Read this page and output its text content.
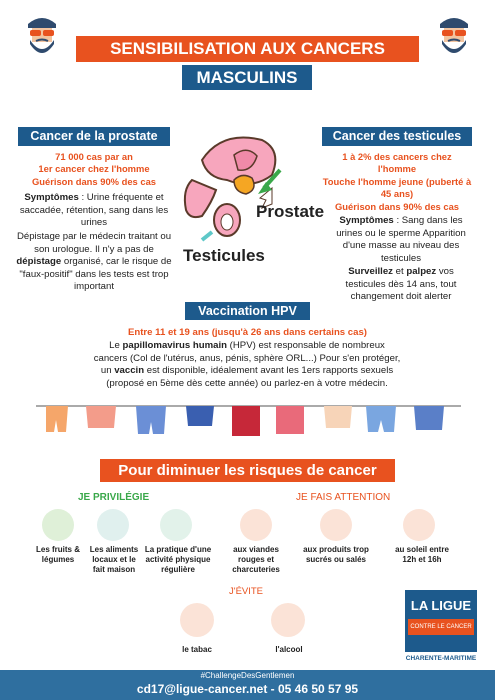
SENSIBILISATION AUX CANCERS
MASCULINS
Cancer de la prostate
71 000 cas par an
1er cancer chez l'homme
Guérison dans 90% des cas
Symptômes : Urine fréquente et saccadée, rétention, sang dans les urines
Dépistage par le médecin traitant ou son urologue. Il n'y a pas de dépistage organisé, car le risque de "faux-positif" dans les tests est trop important
Prostate
Testicules
Cancer des testicules
1 à 2% des cancers chez l'homme
Touche l'homme jeune (puberté à 45 ans)
Guérison dans 90% des cas
Symptômes : Sang dans les urines ou le sperme Apparition d'une masse au niveau des testicules
Surveillez et palpez vos testicules dès 14 ans, tout changement doit alerter
Vaccination HPV
Entre 11 et 19 ans (jusqu'à 26 ans dans certains cas)
Le papillomavirus humain (HPV) est responsable de nombreux cancers (Col de l'utérus, anus, pénis, sphère ORL...) Pour s'en protéger, un vaccin est disponible, idéalement avant les 1ers rapports sexuels (proposé en 5ème dès cette année) ou parlez-en à votre médecin.
Pour diminuer les risques de cancer
JE PRIVILÉGIE	JE FAIS ATTENTION
Les fruits & légumes
Les aliments locaux et le fait maison
La pratique d'une activité physique régulière
aux viandes rouges et charcuteries
aux produits trop sucrés ou salés
au soleil entre 12h et 16h
J'ÉVITE
le tabac	l'alcool
LA LIGUE
CONTRE LE CANCER
CHARENTE-MARITIME
#ChallengeDesGentlemen
cd17@ligue-cancer.net - 05 46 50 57 95
